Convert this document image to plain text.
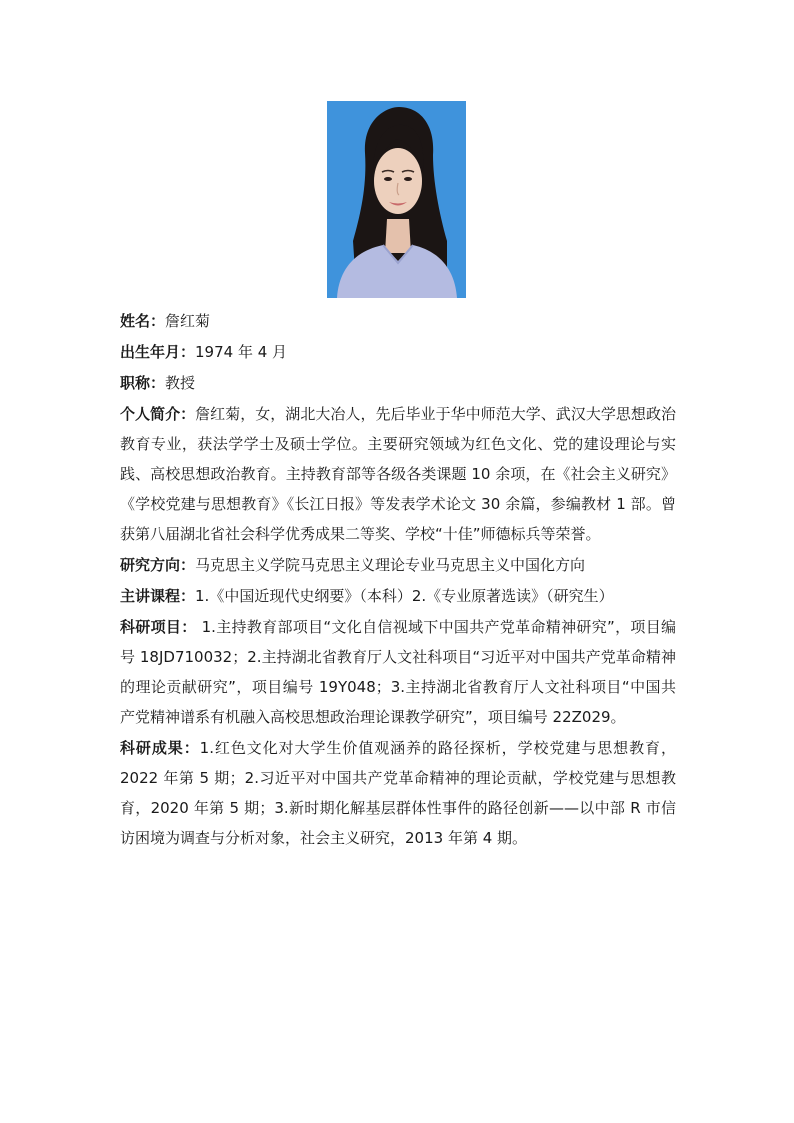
姓名：詹红菊

出生年月：1974 年 4 月

职称：教授

个人简介：詹红菊，女，湖北大冶人，先后毕业于华中师范大学、武汉大学思想政治教育专业，获法学学士及硕士学位。主要研究领域为红色文化、党的建设理论与实践、高校思想政治教育。主持教育部等各级各类课题 10 余项，在《社会主义研究》《学校党建与思想教育》《长江日报》等发表学术论文 30 余篇，参编教材 1 部。曾获第八届湖北省社会科学优秀成果二等奖、学校“十佳”师德标兵等荣誉。

研究方向：马克思主义学院马克思主义理论专业马克思主义中国化方向

主讲课程：1.《中国近现代史纲要》（本科）2.《专业原著选读》（研究生）

科研项目： 1.主持教育部项目“文化自信视域下中国共产党革命精神研究”，项目编号 18JD710032；2.主持湖北省教育厅人文社科项目“习近平对中国共产党革命精神的理论贡献研究”，项目编号 19Y048；3.主持湖北省教育厅人文社科项目“中国共产党精神谱系有机融入高校思想政治理论课教学研究”，项目编号 22Z029。

科研成果：1.红色文化对大学生价值观涵养的路径探析，学校党建与思想教育，2022 年第 5 期；2.习近平对中国共产党革命精神的理论贡献，学校党建与思想教育，2020 年第 5 期；3.新时期化解基层群体性事件的路径创新——以中部 R 市信访困境为调查与分析对象，社会主义研究，2013 年第 4 期。
